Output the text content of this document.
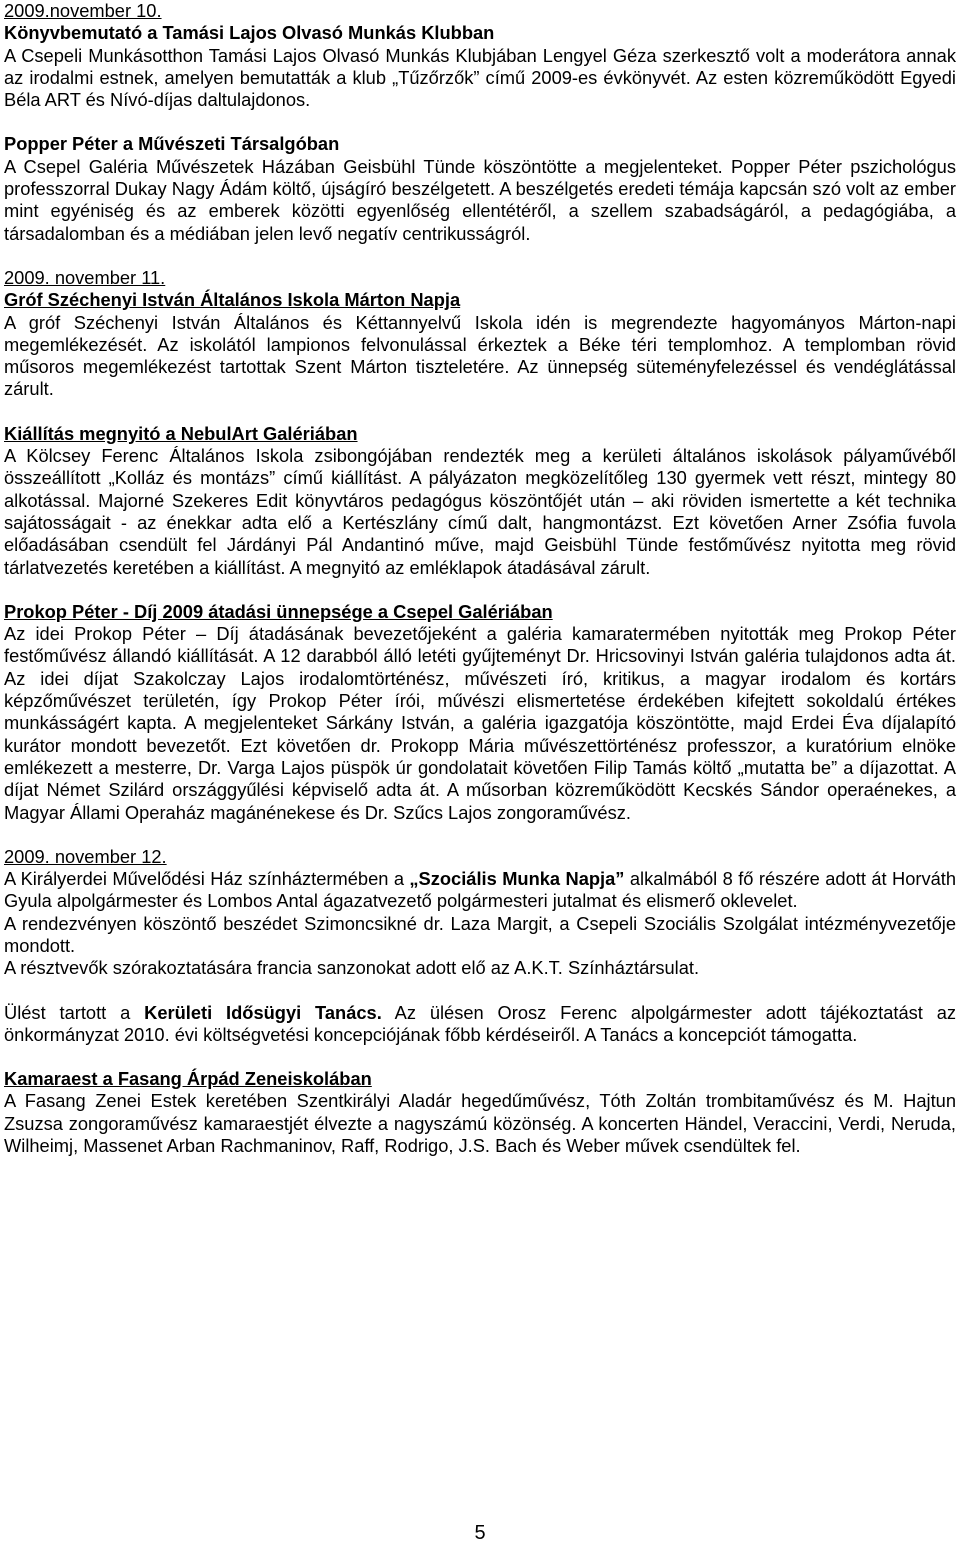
2009.november 10.
Könyvbemutató a Tamási Lajos Olvasó Munkás Klubban

A Csepeli Munkásotthon Tamási Lajos Olvasó Munkás Klubjában Lengyel Géza szerkesztő volt a moderátora annak az irodalmi estnek, amelyen bemutatták a klub „Tűzőrzők” című 2009-es évkönyvét. Az esten közreműködött Egyedi Béla ART és Nívó-díjas daltulajdonos.

Popper Péter a Művészeti Társalgóban

A Csepel Galéria Művészetek Házában Geisbühl Tünde köszöntötte a megjelenteket. Popper Péter pszichológus professzorral Dukay Nagy Ádám költő, újságíró beszélgetett. A beszélgetés eredeti témája kapcsán szó volt az ember mint egyéniség és az emberek közötti egyenlőség ellentétéről, a szellem szabadságáról, a pedagógiába, a társadalomban és a médiában jelen levő negatív centrikusságról.

2009. november 11.
Gróf Széchenyi István Általános Iskola Márton Napja

A gróf Széchenyi István Általános és Kéttannyelvű Iskola idén is megrendezte hagyományos Márton-napi megemlékezését. Az iskolától lampionos felvonulással érkeztek a Béke téri templomhoz. A templomban rövid műsoros megemlékezést tartottak Szent Márton tiszteletére. Az ünnepség süteményfelezéssel és vendéglátással zárult.

Kiállítás megnyitó a NebulArt Galériában

A Kölcsey Ferenc Általános Iskola zsibongójában rendezték meg a kerületi általános iskolások pályaművéből összeállított „Kolláz és montázs” című kiállítást. A pályázaton megközelítőleg 130 gyermek vett részt, mintegy 80 alkotással. Majorné Szekeres Edit könyvtáros pedagógus köszöntőjét után – aki röviden ismertette a két technika sajátosságait - az énekkar adta elő a Kertészlány című dalt, hangmontázst. Ezt követően Arner Zsófia fuvola előadásában csendült fel Járdányi Pál Andantinó műve, majd Geisbühl Tünde festőművész nyitotta meg rövid tárlatvezetés keretében a kiállítást. A megnyitó az emléklapok átadásával zárult.

Prokop Péter - Díj 2009 átadási ünnepsége a Csepel Galériában

Az idei Prokop Péter – Díj átadásának bevezetőjeként a galéria kamaratermében nyitották meg Prokop Péter festőművész állandó kiállítását. A 12 darabból álló letéti gyűjteményt Dr. Hricsovinyi István galéria tulajdonos adta át. Az idei díjat Szakolczay Lajos irodalomtörténész, művészeti író, kritikus, a magyar irodalom és kortárs képzőművészet területén, így Prokop Péter írói, művészi elismertetése érdekében kifejtett sokoldalú értékes munkásságért kapta. A megjelenteket Sárkány István, a galéria igazgatója köszöntötte, majd Erdei Éva díjalapító kurátor mondott bevezetőt. Ezt követően dr. Prokopp Mária művészettörténész professzor, a kuratórium elnöke emlékezett a mesterre, Dr. Varga Lajos püspök úr gondolatait követően Filip Tamás költő „mutatta be” a díjazottat. A díjat Német Szilárd országgyűlési képviselő adta át. A műsorban közreműködött Kecskés Sándor operaénekes, a Magyar Állami Operaház magánénekese és Dr. Szűcs Lajos zongoraművész.

2009. november 12.

A Királyerdei Művelődési Ház színháztermében a „Szociális Munka Napja” alkalmából 8 fő részére adott át Horváth Gyula alpolgármester és Lombos Antal ágazatvezető polgármesteri jutalmat és elismerő oklevelet.

A rendezvényen köszöntő beszédet Szimoncsikné dr. Laza Margit, a Csepeli Szociális Szolgálat intézményvezetője mondott.

A résztvevők szórakoztatására francia sanzonokat adott elő az A.K.T. Színháztársulat.

Ülést tartott a Kerületi Idősügyi Tanács. Az ülésen Orosz Ferenc alpolgármester adott tájékoztatást az önkormányzat 2010. évi költségvetési koncepciójának főbb kérdéseiről. A Tanács a koncepciót támogatta.

Kamaraest a Fasang Árpád Zeneiskolában

A Fasang Zenei Estek keretében Szentkirályi Aladár hegedűművész, Tóth Zoltán trombitaművész és M. Hajtun Zsuzsa zongoraművész kamaraestjét élvezte a nagyszámú közönség. A koncerten Händel, Veraccini, Verdi, Neruda, Wilheimj, Massenet Arban Rachmaninov, Raff, Rodrigo, J.S. Bach és Weber művek csendültek fel.

5
